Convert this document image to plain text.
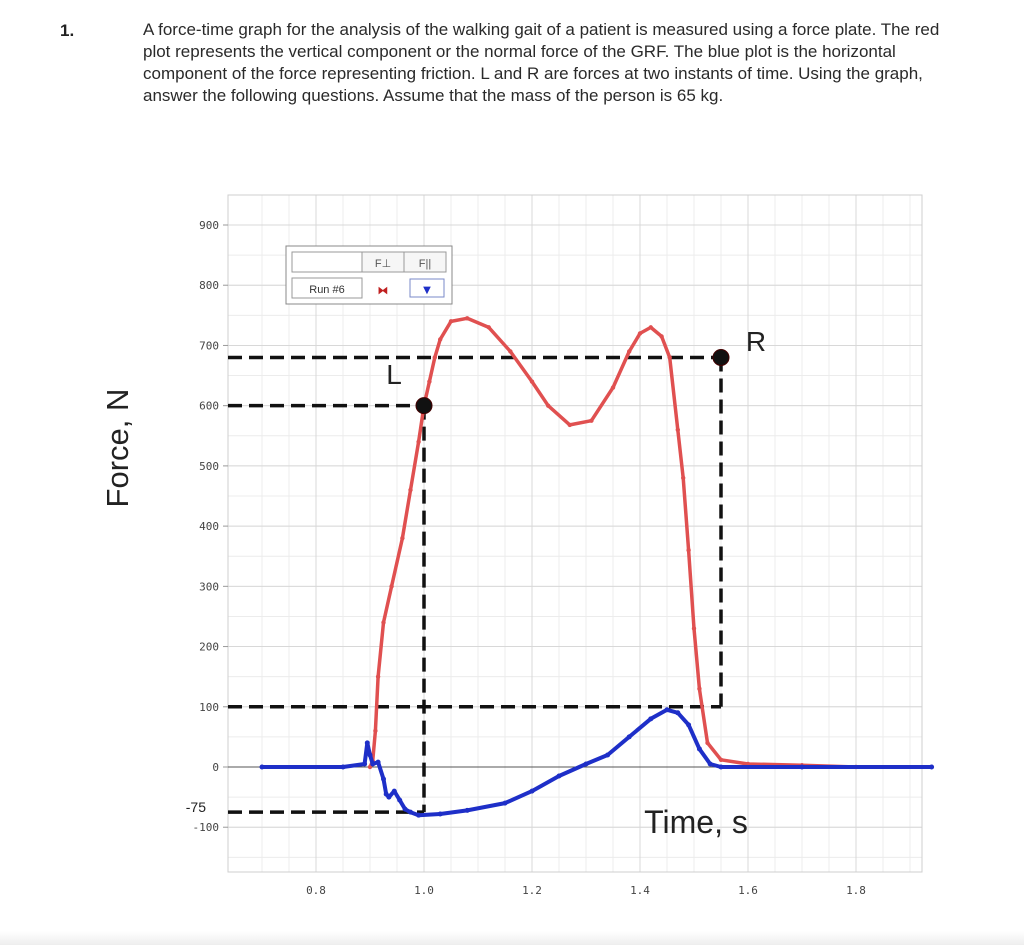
1.	A force-time graph for the analysis of the walking gait of a patient is measured using a force plate. The red plot represents the vertical component or the normal force of the GRF. The blue plot is the horizontal component of the force representing friction. L and R are forces at two instants of time. Using the graph, answer the following questions. Assume that the mass of the person is 65 kg.
Force, N
900
800
700
600
500
400
300
200
100
0
-100
0.8	1.0	1.2	1.4	1.6	1.8
F⊥	F||
Run #6	⧓	▼
-75
L
R
Time, s
